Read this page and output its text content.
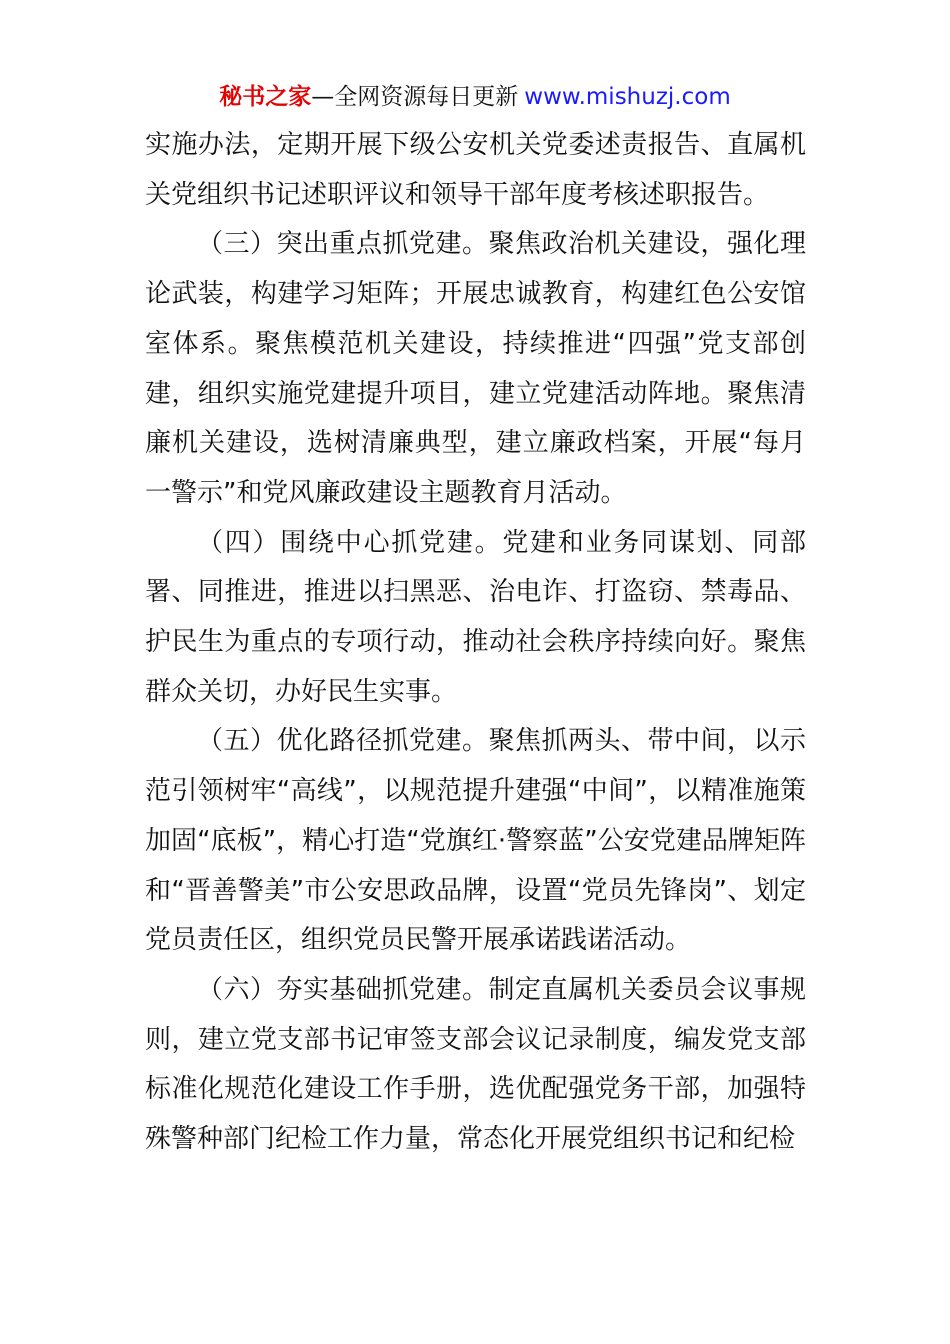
秘书之家—全网资源每日更新 www.mishuzj.com

实施办法，定期开展下级公安机关党委述责报告、直属机关党组织书记述职评议和领导干部年度考核述职报告。

（三）突出重点抓党建。聚焦政治机关建设，强化理论武装，构建学习矩阵；开展忠诚教育，构建红色公安馆室体系。聚焦模范机关建设，持续推进“四强”党支部创建，组织实施党建提升项目，建立党建活动阵地。聚焦清廉机关建设，选树清廉典型，建立廉政档案，开展“每月一警示”和党风廉政建设主题教育月活动。

（四）围绕中心抓党建。党建和业务同谋划、同部署、同推进，推进以扫黑恶、治电诈、打盗窃、禁毒品、护民生为重点的专项行动，推动社会秩序持续向好。聚焦群众关切，办好民生实事。

（五）优化路径抓党建。聚焦抓两头、带中间，以示范引领树牢“高线”，以规范提升建强“中间”，以精准施策加固“底板”，精心打造“党旗红·警察蓝”公安党建品牌矩阵和“晋善警美”市公安思政品牌，设置“党员先锋岗”、划定党员责任区，组织党员民警开展承诺践诺活动。

（六）夯实基础抓党建。制定直属机关委员会议事规则，建立党支部书记审签支部会议记录制度，编发党支部标准化规范化建设工作手册，选优配强党务干部，加强特殊警种部门纪检工作力量，常态化开展党组织书记和纪检
